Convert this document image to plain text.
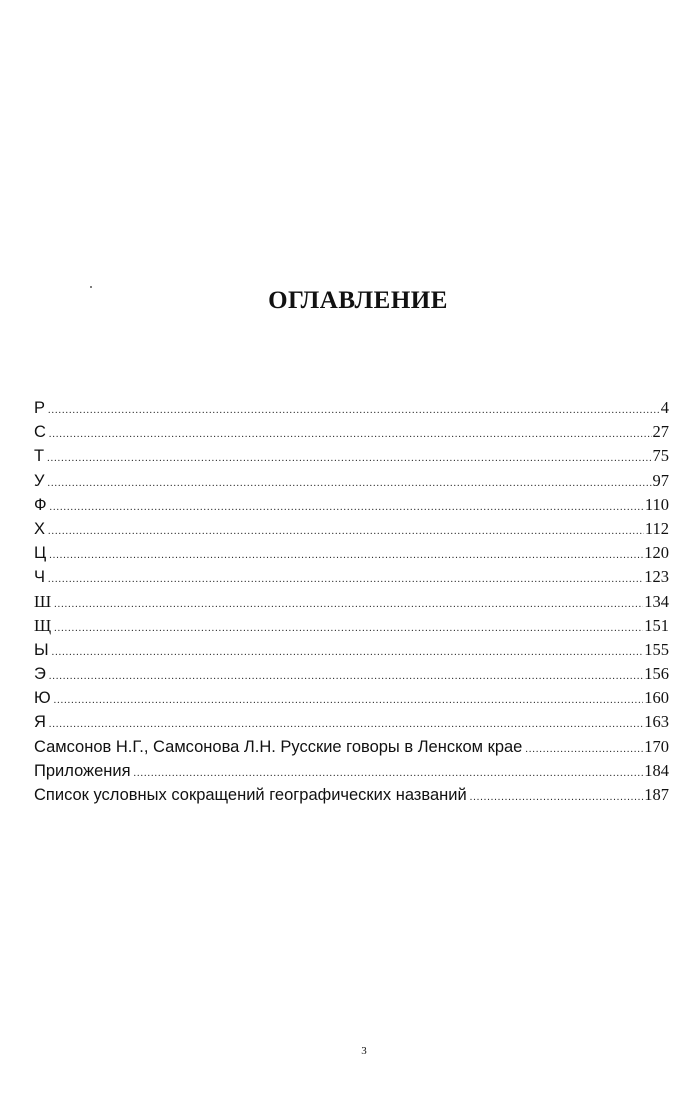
ОГЛАВЛЕНИЕ
Р .....	4
С .....	27
Т .....	75
У .....	97
Ф .....	110
Х .....	112
Ц .....	120
Ч .....	123
Ш .....	134
Щ .....	151
Ы .....	155
Э .....	156
Ю .....	160
Я .....	163
Самсонов Н.Г., Самсонова Л.Н. Русские говоры в Ленском крае .....	170
Приложения .....	184
Список условных сокращений географических названий .....	187
3
